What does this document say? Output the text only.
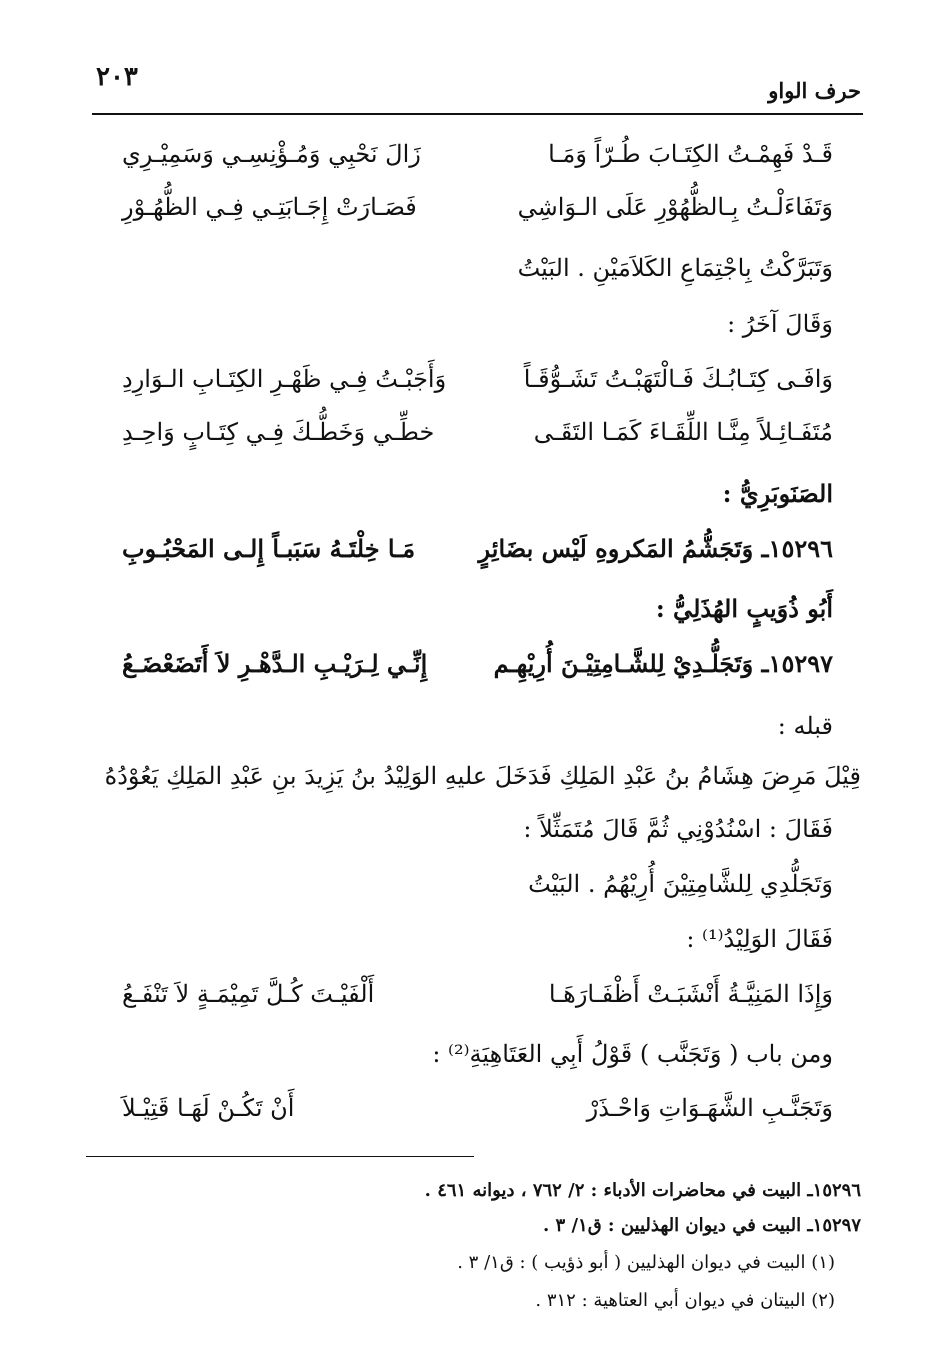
حرف الواو
٢٠٣
قَـدْ فَهِمْـتُ الكِتَـابَ طُـرّاً وَمَـا
زَالَ نَحْبِي وَمُـؤْنِسِـي وَسَمِيْـرِي
وَتَفَاءَلْـتُ بِـالظُّهُوْرِ عَلَى الـوَاشِي
فَصَـارَتْ إِجَـابَتِـي فِـي الظُّهُـوْرِ
وَتَبَرَّكْتُ بِاجْتِمَاعِ الكَلاَمَيْنِ . البَيْتُ
وَقَالَ آخَرُ :
وَافَـى كِتَـابُـكَ فَـالْتَهَبْـتُ تَشَـوُّقَـاً
وَأَجَبْـتُ فِـي ظَهْـرِ الكِتَـابِ الـوَارِدِ
مُتَفَـائِـلاً مِنَّـا اللِّقَـاءَ كَمَـا التَقَـى
خطِّـي وَخَطُّـكَ فِـي كِتَـابٍ وَاحِـدِ
الصَنَوبَرِيُّ :
١٥٢٩٦ـ وَتَجَشُّمُ المَكروهِ لَيْس بضَائِرٍ
مَـا خِلْتَـهُ سَبَبـاً إِلـى المَحْبُـوبِ
أَبُو ذُوَيبٍ الهُذَلِيُّ :
١٥٢٩٧ـ وَتَجَلُّـدِيْ لِلشَّـامِتِيْـنَ أُرِيْهِـم
إِنِّـي لِـرَيْـبِ الـدَّهْـرِ لاَ أَتَضَعْضَـعُ
قبله :
قِيْلَ مَرِضَ هِشَامُ بنُ عَبْدِ المَلِكِ فَدَخَلَ عليهِ الوَلِيْدُ بنُ يَزِيدَ بنِ عَبْدِ المَلِكِ يَعُوْدُهُ
فَقَالَ : اسْنُدُوْنِي ثُمَّ قَالَ مُتَمَثِّلاً :
وَتَجَلُّدِي لِلشَّامِتِيْنَ أُرِيْهُمُ . البَيْتُ
فَقَالَ الوَلِيْدُ⁽¹⁾ :
وَإِذَا المَنِيَّـةُ أَنْشَبَـتْ أَظْفَـارَهَـا
أَلْفَيْـتَ كُـلَّ تَمِيْمَـةٍ لاَ تَنْفَـعُ
ومن باب ( وَتَجَنَّب ) قَوْلُ أَبِي العَتَاهِيَةِ⁽²⁾ :
وَتَجَنَّـبِ الشَّهَـوَاتِ وَاحْـذَرْ
أَنْ تَكُـنْ لَهَـا قَتِيْـلاَ
١٥٢٩٦ـ البيت في محاضرات الأدباء : ٢/ ٧٦٢ ، ديوانه ٤٦١ .
١٥٢٩٧ـ البيت في ديوان الهذليين : ق١/ ٣ .
(١) البيت في ديوان الهذليين ( أبو ذؤيب ) : ق١/ ٣ .
(٢) البيتان في ديوان أبي العتاهية : ٣١٢ .
